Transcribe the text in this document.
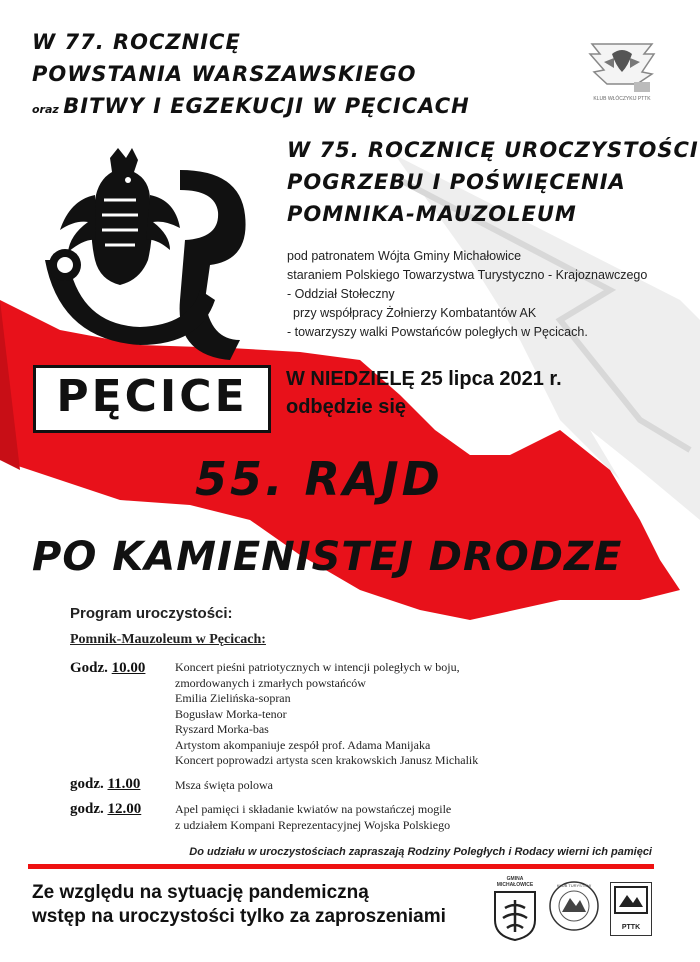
W 77. ROCZNICĘ
POWSTANIA WARSZAWSKIEGO
oraz BITWY I EGZEKUCJI W PĘCICACH	KLUB WŁÓCZYKIJ PTTK
W 75. ROCZNICĘ UROCZYSTOŚCI
POGRZEBU I POŚWIĘCENIA
POMNIKA-MAUZOLEUM
PĘCICE

pod patronatem Wójta Gminy Michałowice

staraniem Polskiego Towarzystwa Turystyczno - Krajoznawczego

- Oddział Stołeczny

przy współpracy Żołnierzy Kombatantów AK

- towarzyszy walki Powstańców poległych w Pęcicach.

W NIEDZIELĘ 25 lipca 2021 r.
odbędzie się
55. RAJD
PO KAMIENISTEJ DRODZE
Program uroczystości:
Pomnik-Mauzoleum w Pęcicach:
Godz. 10.00 Koncert pieśni patriotycznych w intencji poległych w boju,
zmordowanych i zmarłych powstańców
Emilia Zielińska-sopran
Bogusław Morka-tenor
Ryszard Morka-bas
Artystom akompaniuje zespół prof. Adama Manijaka
Koncert poprowadzi artysta scen krakowskich Janusz Michalik
godz. 11.00	Msza święta polowa
godz. 12.00	Apel pamięci i składanie kwiatów na powstańczej mogile
z udziałem Kompani Reprezentacyjnej Wojska Polskiego
Do udziału w uroczystościach zapraszają Rodziny Poległych i Rodacy wierni ich pamięci
Ze względu na sytuację pandemiczną
wstęp na uroczystości tylko za zaproszeniami
GMINA MICHAŁOWICE	KLUB TURYSTÓW
PTTK
